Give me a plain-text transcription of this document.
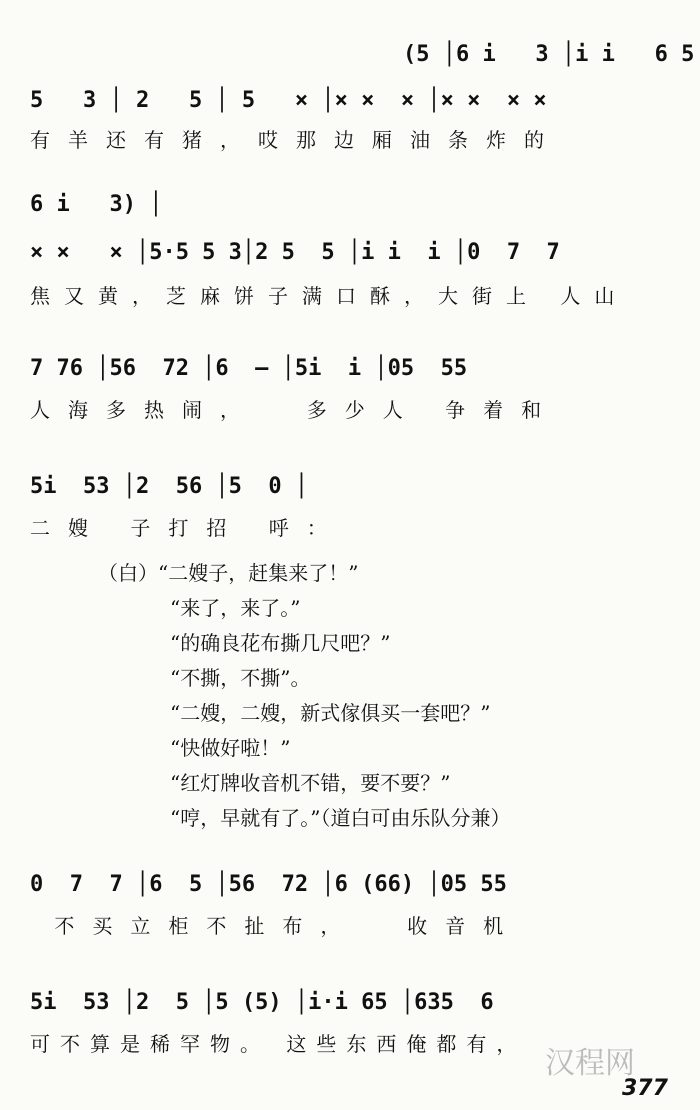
(5 │6 i   3 │i i   6 5
5   3 │ 2   5 │ 5   × │× ×  × │× ×  × ×
有羊还有猪，哎那边厢油条炸的
6 i   3) │
× ×   × │5·5 5 3│2 5  5 │i i  i │0  7  7
焦又黄，芝麻饼子满口酥，大街上 人山
7 76 │56  72 │6  — │5i  i │05  55
人海多热闹，  多少人 争着和
5i  53 │2  56 │5  0 │
二嫂 子打招 呼：
（白）“二嫂子，赶集来了！”
“来了，来了。”
“的确良花布撕几尺吧？”
“不撕，不撕”。
“二嫂，二嫂，新式傢俱买一套吧？”
“快做好啦！”
“红灯牌收音机不错，要不要？”
“哼，早就有了。”（道白可由乐队分兼）
0  7  7 │6  5 │56  72 │6 (66) │05 55
不买立柜不扯布，  收音机
5i  53 │2  5 │5 (5) │i·i 65 │635  6
可不算是稀罕物。 这些东西俺都有，
377
汉程网
